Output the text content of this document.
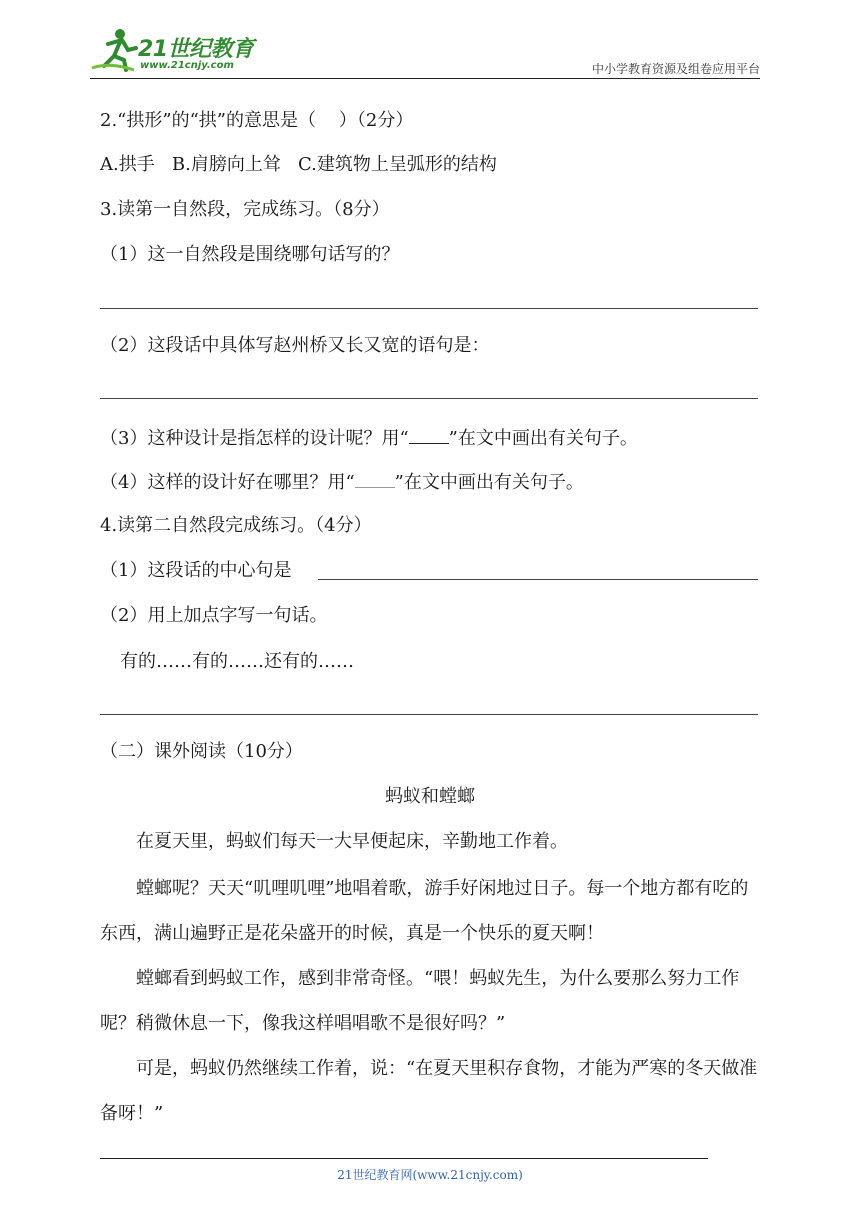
21世纪教育
www.21cnjy.com	中小学教育资源及组卷应用平台
2.“拱形”的“拱”的意思是（    ）（2分）
A.拱手   B.肩膀向上耸   C.建筑物上呈弧形的结构
3.读第一自然段，完成练习。（8分）
（1）这一自然段是围绕哪句话写的？
（2）这段话中具体写赵州桥又长又宽的语句是：
（3）这种设计是指怎样的设计呢？用“ ”在文中画出有关句子。
（4）这样的设计好在哪里？用“ ”在文中画出有关句子。
4.读第二自然段完成练习。（4分）
（1）这段话的中心句是
（2）用上加点字写一句话。
有的……有的……还有的……
（二）课外阅读（10分）
蚂蚁和螳螂
在夏天里，蚂蚁们每天一大早便起床，辛勤地工作着。
螳螂呢？天天“叽哩叽哩”地唱着歌，游手好闲地过日子。每一个地方都有吃的东西，满山遍野正是花朵盛开的时候，真是一个快乐的夏天啊！
螳螂看到蚂蚁工作，感到非常奇怪。“喂！蚂蚁先生，为什么要那么努力工作呢？稍微休息一下，像我这样唱唱歌不是很好吗？”
可是，蚂蚁仍然继续工作着，说：“在夏天里积存食物，才能为严寒的冬天做准备呀！”
21世纪教育网(www.21cnjy.com)
